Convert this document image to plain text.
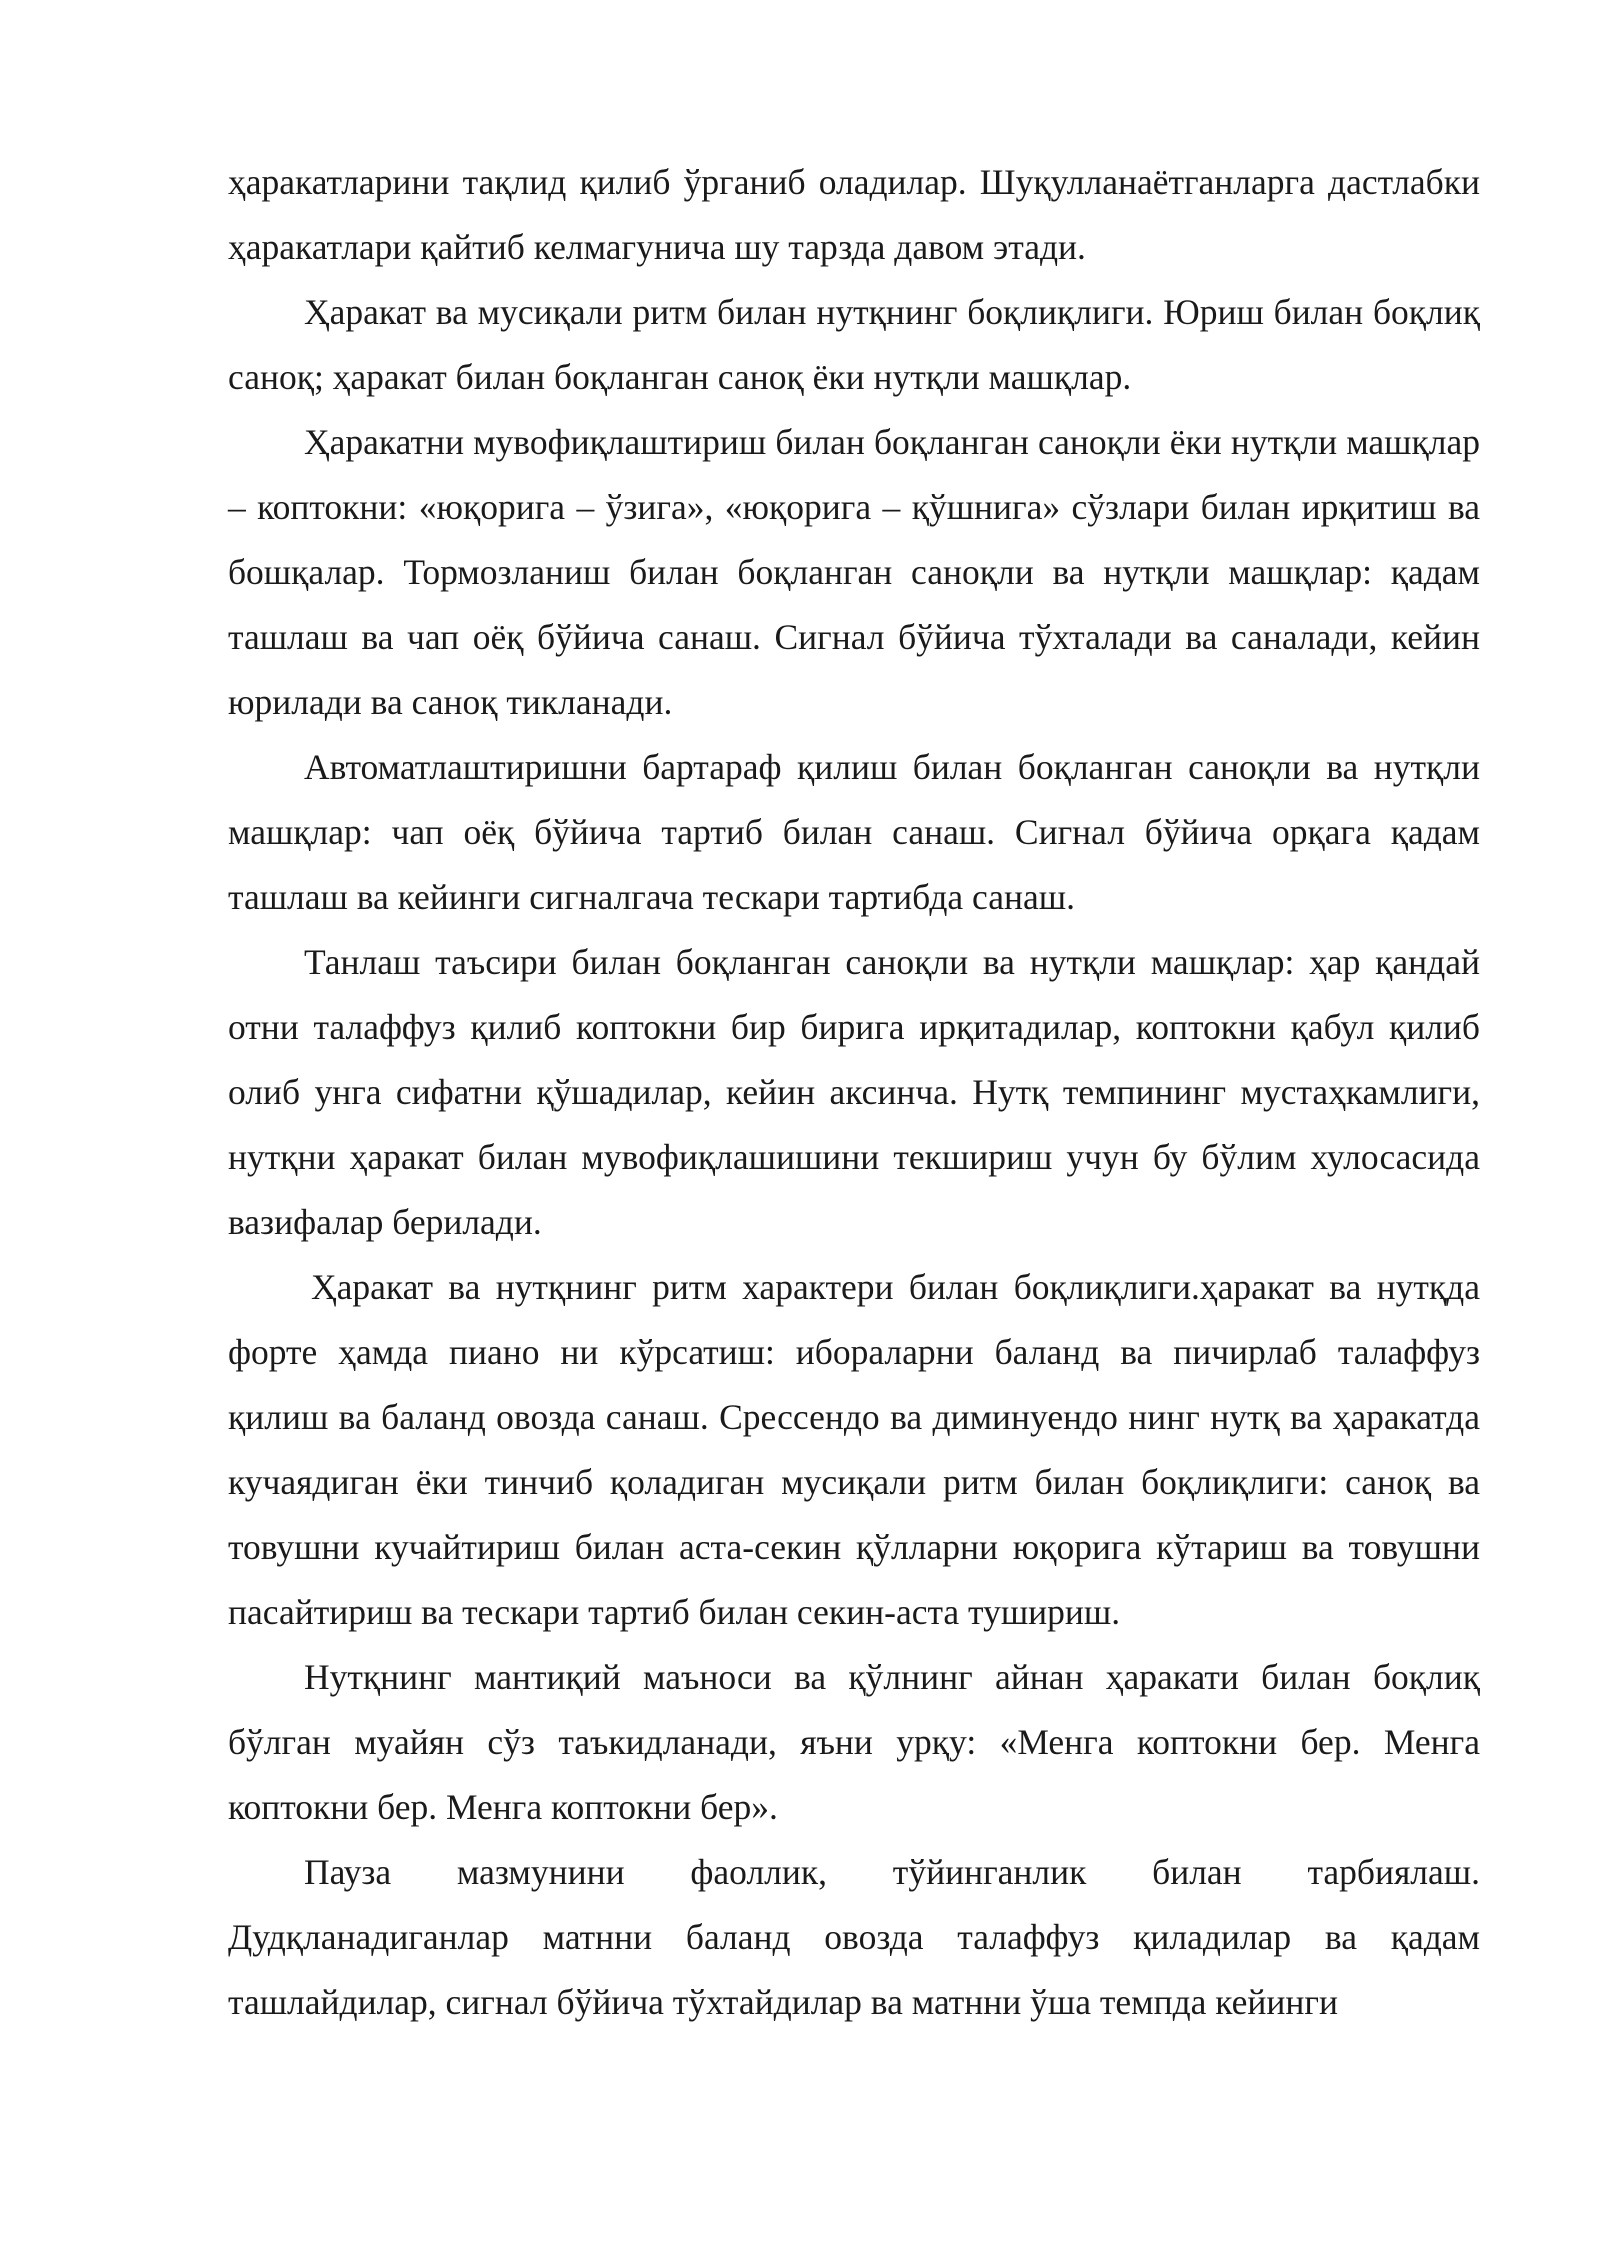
ҳаракатларини тақлид қилиб ўрганиб оладилар. Шуқулланаётганларга дастлабки ҳаракатлари қайтиб келмагунича шу тарзда давом этади.

Ҳаракат ва мусиқали ритм билан нутқнинг боқлиқлиги. Юриш билан боқлиқ саноқ; ҳаракат билан боқланган саноқ ёки нутқли машқлар.

Ҳаракатни мувофиқлаштириш билан боқланган саноқли ёки нутқли машқлар – коптокни: «юқорига – ўзига», «юқорига – қўшнига» сўзлари билан ирқитиш ва бошқалар. Тормозланиш билан боқланган саноқли ва нутқли машқлар: қадам ташлаш ва чап оёқ бўйича санаш. Сигнал бўйича тўхталади ва саналади, кейин юрилади ва саноқ тикланади.

Автоматлаштиришни бартараф қилиш билан боқланган саноқли ва нутқли машқлар: чап оёқ бўйича тартиб билан санаш. Сигнал бўйича орқага қадам ташлаш ва кейинги сигналгача тескари тартибда санаш.

Танлаш таъсири билан боқланган саноқли ва нутқли машқлар: ҳар қандай отни талаффуз қилиб коптокни бир бирига ирқитадилар, коптокни қабул қилиб олиб унга сифатни қўшадилар, кейин аксинча. Нутқ темпининг мустаҳкамлиги, нутқни ҳаракат билан мувофиқлашишини текшириш учун бу бўлим хулосасида вазифалар берилади.

Ҳаракат ва нутқнинг ритм характери билан боқлиқлиги.ҳаракат ва нутқда форте ҳамда пиано ни кўрсатиш: ибораларни баланд ва пичирлаб талаффуз қилиш ва баланд овозда санаш. Срессендо ва диминуендо нинг нутқ ва ҳаракатда кучаядиган ёки тинчиб қоладиган мусиқали ритм билан боқлиқлиги: саноқ ва товушни кучайтириш билан аста-секин қўлларни юқорига кўтариш ва товушни пасайтириш ва тескари тартиб билан секин-аста тушириш.

Нутқнинг мантиқий маъноси ва қўлнинг айнан ҳаракати билан боқлиқ бўлган муайян сўз таъкидланади, яъни урқу: «Менга коптокни бер. Менга коптокни бер. Менга коптокни бер».

Пауза мазмунини фаоллик, тўйинганлик билан тарбиялаш. Дудқланадиганлар матнни баланд овозда талаффуз қиладилар ва қадам ташлайдилар, сигнал бўйича тўхтайдилар ва матнни ўша темпда кейинги
